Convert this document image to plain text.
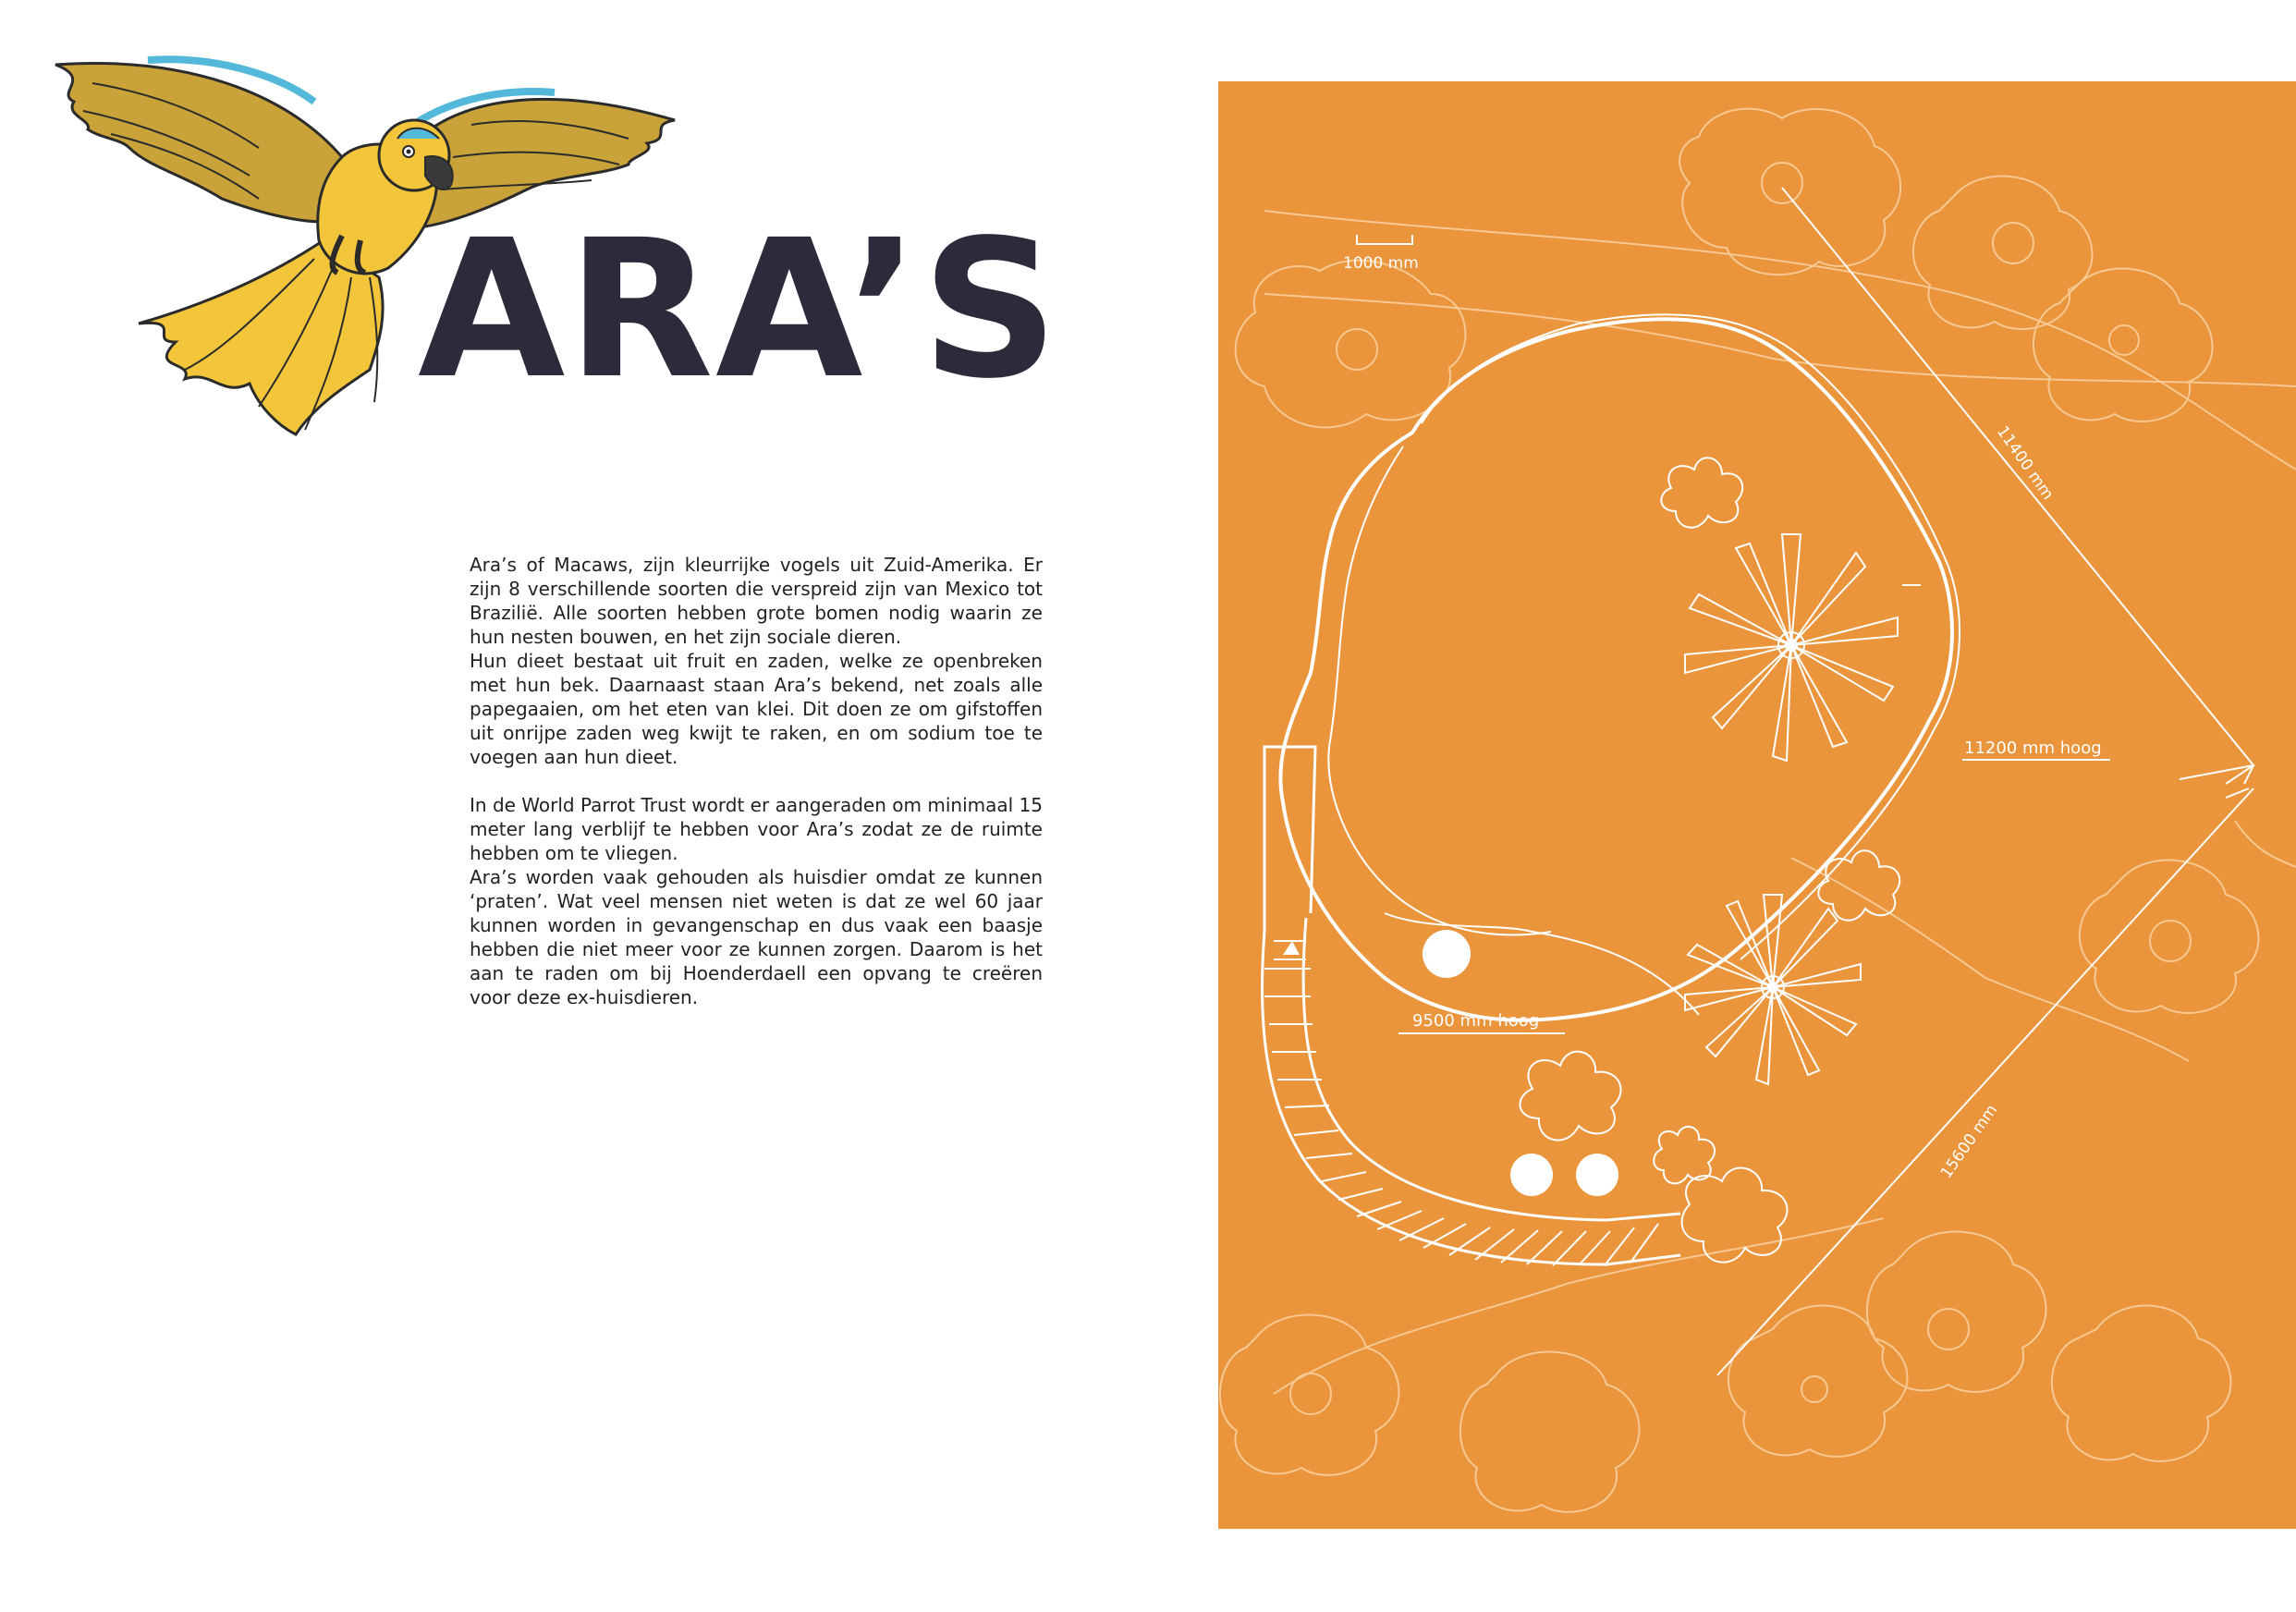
ARA’S

Ara’s of Macaws, zijn kleurrijke vogels uit Zuid-Amerika. Er zijn 8 verschillende soorten die verspreid zijn van Mexico tot Brazilië. Alle soorten hebben grote bomen nodig waarin ze hun nesten bouwen, en het zijn sociale dieren.

Hun dieet bestaat uit fruit en zaden, welke ze openbreken met hun bek. Daarnaast staan Ara’s bekend, net zoals alle papegaaien, om het eten van klei. Dit doen ze om gifstoffen uit onrijpe zaden weg kwijt te raken, en om sodium toe te voegen aan hun dieet.

In de World Parrot Trust wordt er aangeraden om minimaal 15 meter lang verblijf te hebben voor Ara’s zodat ze de ruimte hebben om te vliegen.

Ara’s worden vaak gehouden als huisdier omdat ze kunnen ‘praten’. Wat veel mensen niet weten is dat ze wel 60 jaar kunnen worden in gevangenschap en dus vaak een baasje hebben die niet meer voor ze kunnen zorgen. Daarom is het aan te raden om bij Hoenderdaell een opvang te creëren voor deze ex-huisdieren.

1000 mm
11200 mm hoog
9500 mm hoog
11400 mm
15600 mm
